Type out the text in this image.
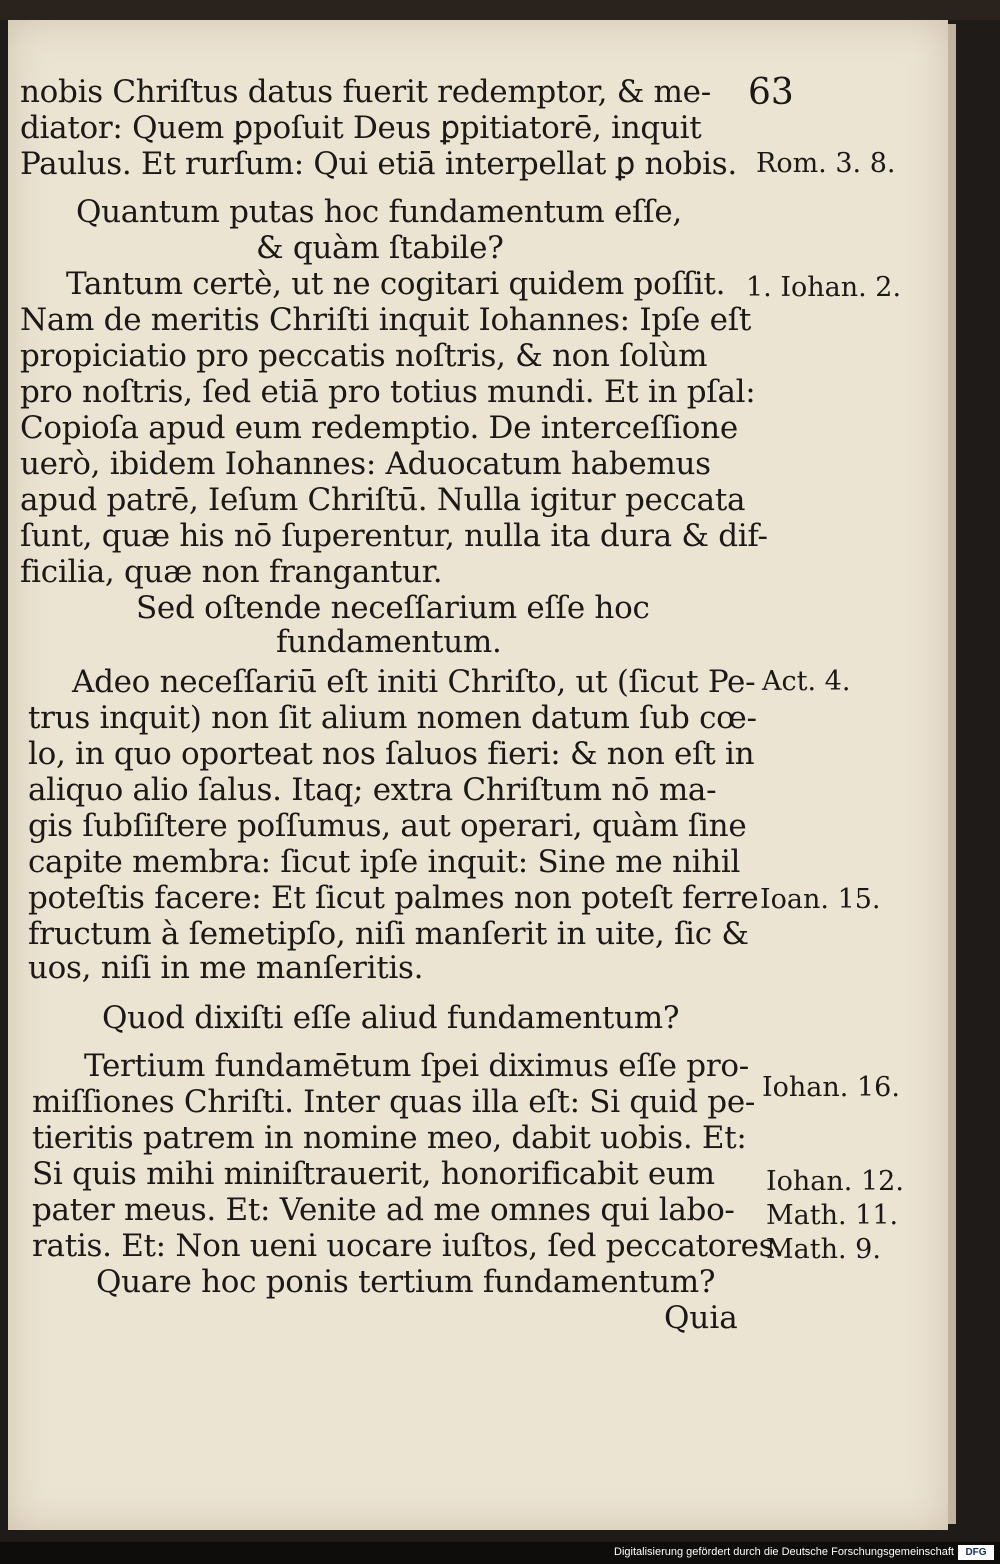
63
nobis Chriſtus datus fuerit redemptor, & me-
diator: Quem ꝑpoſuit Deus ꝑpitiatorē, inquit
Paulus. Et rurſum: Qui etiā interpellat ꝑ nobis.
Quantum putas hoc fundamentum eſſe,
& quàm ſtabile?
Tantum certè, ut ne cogitari quidem poſſit.
Nam de meritis Chriſti inquit Iohannes: Ipſe eſt
propiciatio pro peccatis noſtris, & non ſolùm
pro noſtris, ſed etiā pro totius mundi. Et in pſal:
Copioſa apud eum redemptio. De interceſſione
uerò, ibidem Iohannes: Aduocatum habemus
apud patrē, Ieſum Chriſtū. Nulla igitur peccata
ſunt, quæ his nō ſuperentur, nulla ita dura & dif-
ficilia, quæ non frangantur.
Sed oſtende neceſſarium eſſe hoc
fundamentum.
Adeo neceſſariū eſt initi Chriſto, ut (ſicut Pe-
trus inquit) non ſit alium nomen datum ſub cœ-
lo, in quo oporteat nos ſaluos fieri: & non eſt in
aliquo alio ſalus. Itaq; extra Chriſtum nō ma-
gis ſubſiſtere poſſumus, aut operari, quàm ſine
capite membra: ſicut ipſe inquit: Sine me nihil
poteſtis facere: Et ſicut palmes non poteſt ferre
fructum à ſemetipſo, niſi manſerit in uite, ſic &
uos, niſi in me manſeritis.
Quod dixiſti eſſe aliud fundamentum?
Tertium fundamētum ſpei diximus eſſe pro-
miſſiones Chriſti. Inter quas illa eſt: Si quid pe-
tieritis patrem in nomine meo, dabit uobis. Et:
Si quis mihi miniſtrauerit, honorificabit eum
pater meus. Et: Venite ad me omnes qui labo-
ratis. Et: Non ueni uocare iuſtos, ſed peccatores.
Quare hoc ponis tertium fundamentum?
Rom. 3. 8.
1. Iohan. 2.
Act. 4.
Ioan. 15.
Iohan. 16.
Iohan. 12.
Math. 11.
Math. 9.
Quia
Digitalisierung gefördert durch die Deutsche Forschungsgemeinschaft	DFG
